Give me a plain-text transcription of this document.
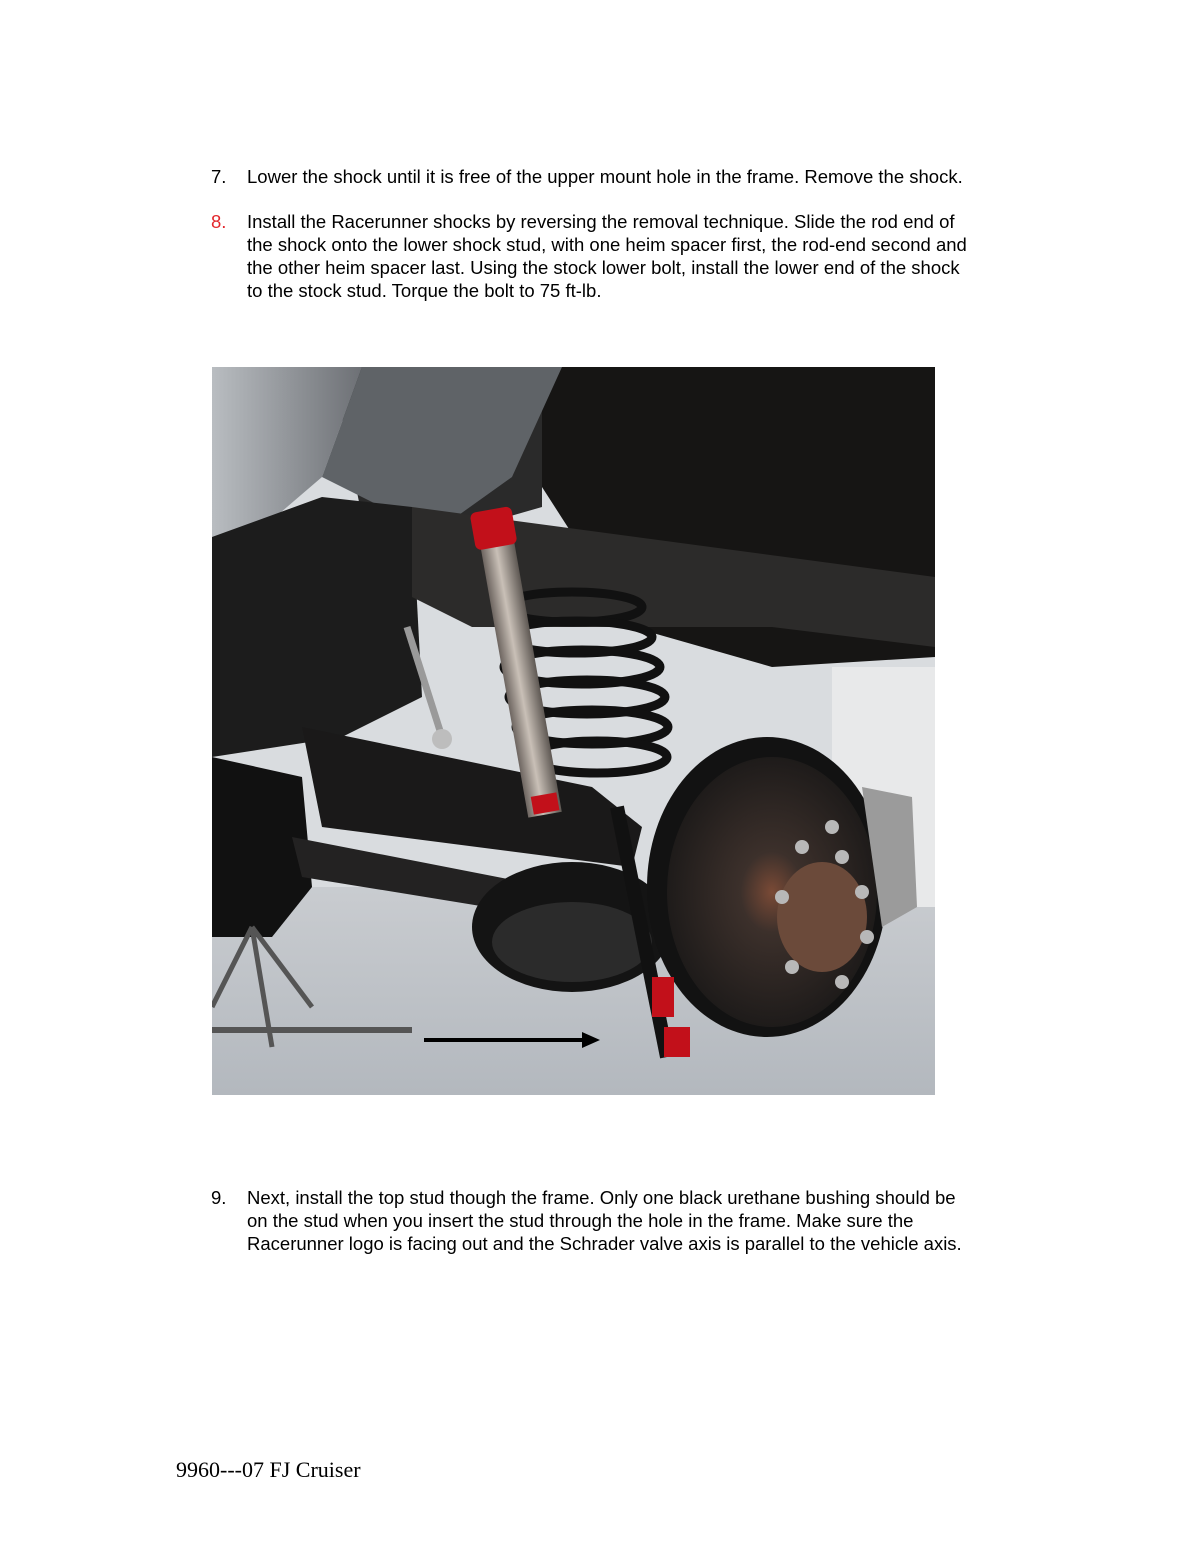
7.	Lower the shock until it is free of the upper mount hole in the frame. Remove the shock.
8.	Install the Racerunner shocks by reversing the removal technique. Slide the rod end of
the shock onto the lower shock stud, with one heim spacer first, the rod-end second and
the other heim spacer last. Using the stock lower bolt, install the lower end of the shock
to the stock stud. Torque the bolt to 75 ft-lb.
9.	Next, install the top stud though the frame. Only one black urethane bushing should be
on the stud when you insert the stud through the hole in the frame. Make sure the
Racerunner logo is facing out and the Schrader valve axis is parallel to the vehicle axis.
9960---07 FJ Cruiser
